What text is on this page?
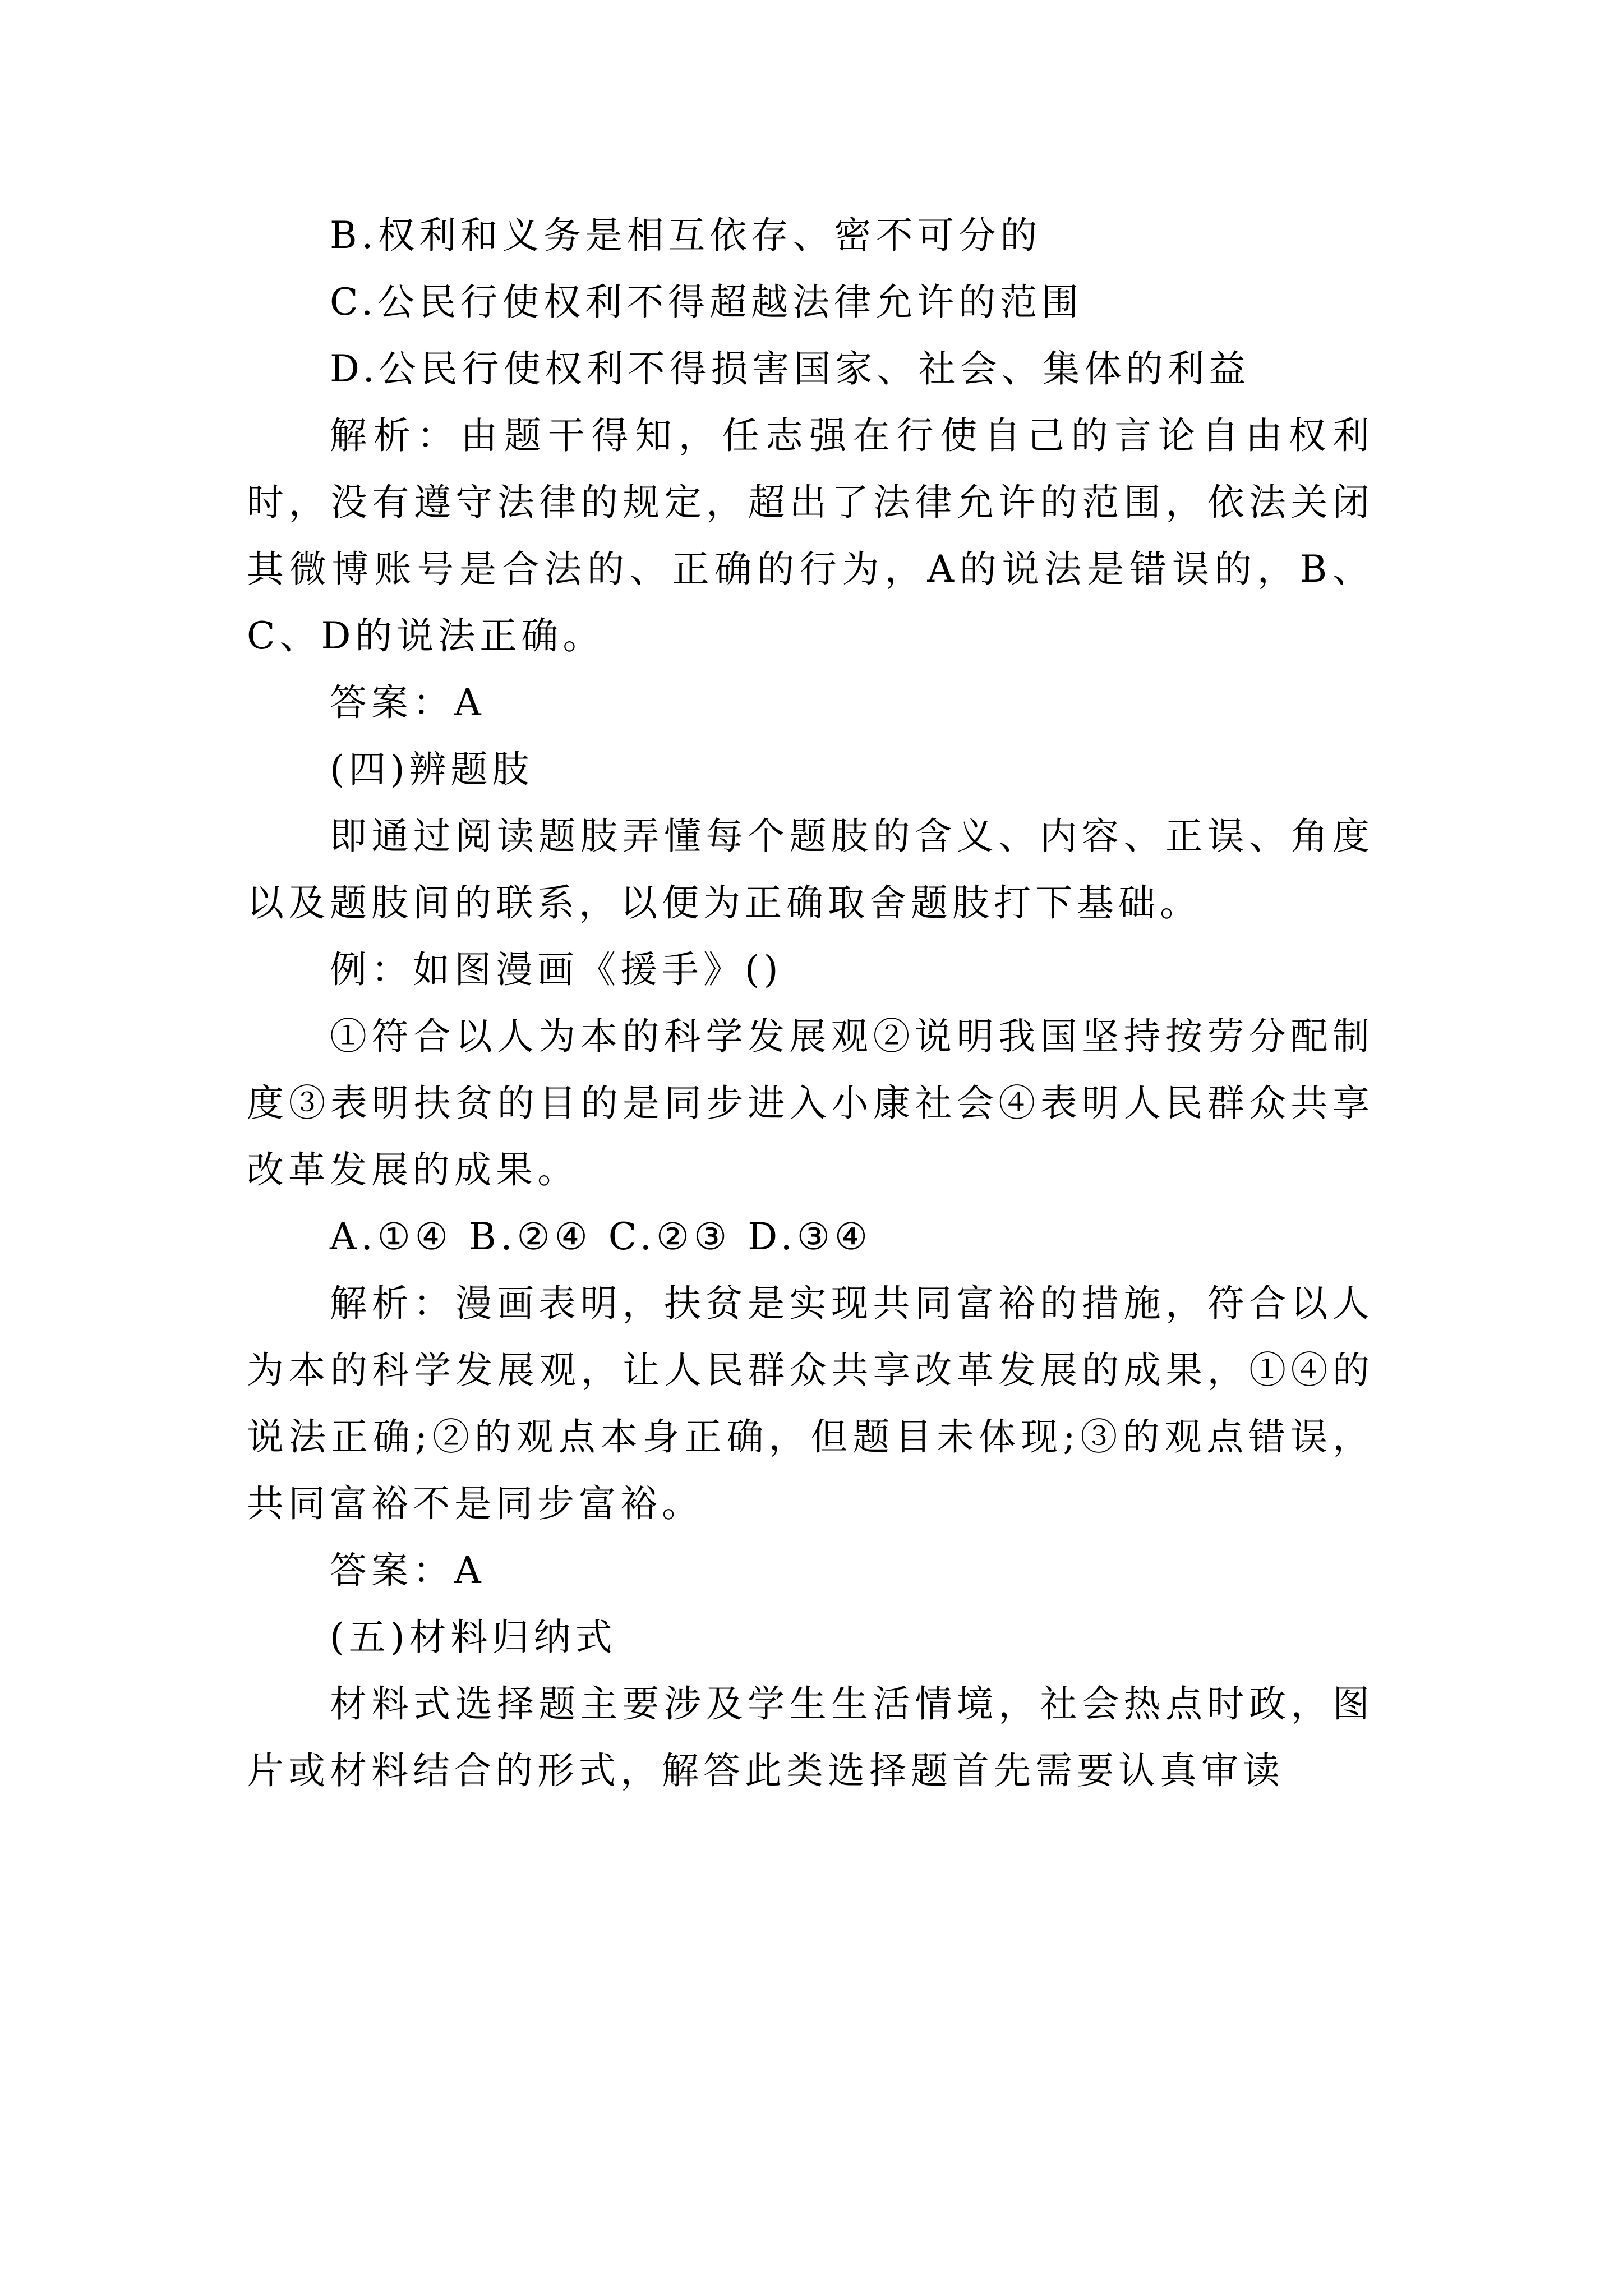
B.权利和义务是相互依存、密不可分的

C.公民行使权利不得超越法律允许的范围

D.公民行使权利不得损害国家、社会、集体的利益

解析：由题干得知，任志强在行使自己的言论自由权利时，没有遵守法律的规定，超出了法律允许的范围，依法关闭其微博账号是合法的、正确的行为，A的说法是错误的，B、C、D的说法正确。

答案：A

(四)辨题肢

即通过阅读题肢弄懂每个题肢的含义、内容、正误、角度以及题肢间的联系，以便为正确取舍题肢打下基础。

例：如图漫画《援手》()

①符合以人为本的科学发展观②说明我国坚持按劳分配制度③表明扶贫的目的是同步进入小康社会④表明人民群众共享改革发展的成果。

A.①④ B.②④ C.②③ D.③④

解析：漫画表明，扶贫是实现共同富裕的措施，符合以人为本的科学发展观，让人民群众共享改革发展的成果，①④的说法正确;②的观点本身正确，但题目未体现;③的观点错误，共同富裕不是同步富裕。

答案：A

(五)材料归纳式

材料式选择题主要涉及学生生活情境，社会热点时政，图片或材料结合的形式，解答此类选择题首先需要认真审读
